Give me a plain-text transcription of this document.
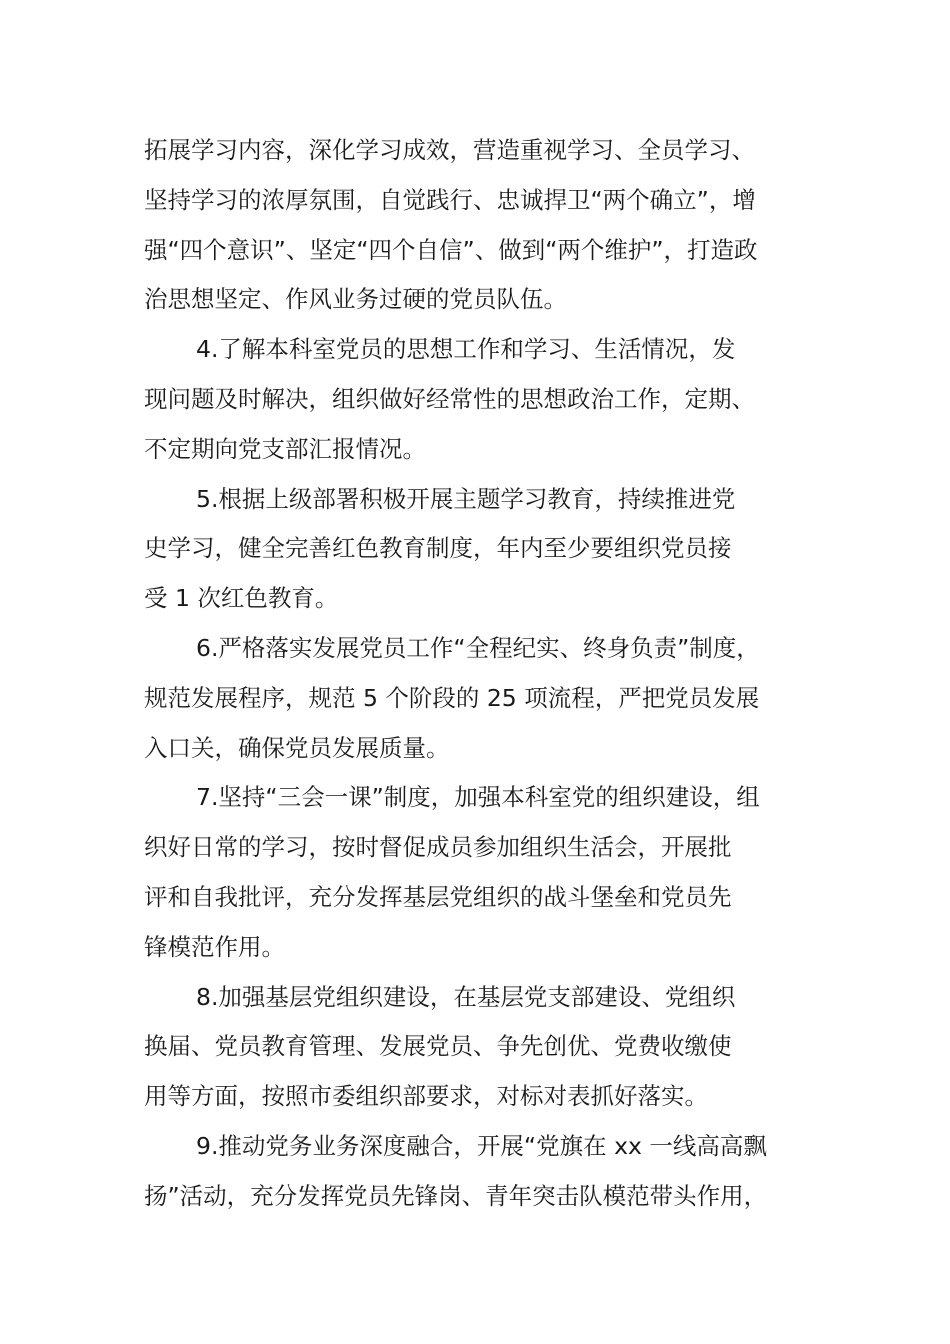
拓展学习内容，深化学习成效，营造重视学习、全员学习、
坚持学习的浓厚氛围，自觉践行、忠诚捍卫“两个确立”，增
强“四个意识”、坚定“四个自信”、做到“两个维护”，打造政
治思想坚定、作风业务过硬的党员队伍。
4.了解本科室党员的思想工作和学习、生活情况，发
现问题及时解决，组织做好经常性的思想政治工作，定期、
不定期向党支部汇报情况。
5.根据上级部署积极开展主题学习教育，持续推进党
史学习，健全完善红色教育制度，年内至少要组织党员接
受 1 次红色教育。
6.严格落实发展党员工作“全程纪实、终身负责”制度，
规范发展程序，规范 5 个阶段的 25 项流程，严把党员发展
入口关，确保党员发展质量。
7.坚持“三会一课”制度，加强本科室党的组织建设，组
织好日常的学习，按时督促成员参加组织生活会，开展批
评和自我批评，充分发挥基层党组织的战斗堡垒和党员先
锋模范作用。
8.加强基层党组织建设，在基层党支部建设、党组织
换届、党员教育管理、发展党员、争先创优、党费收缴使
用等方面，按照市委组织部要求，对标对表抓好落实。
9.推动党务业务深度融合，开展“党旗在 xx 一线高高飘
扬”活动，充分发挥党员先锋岗、青年突击队模范带头作用，
